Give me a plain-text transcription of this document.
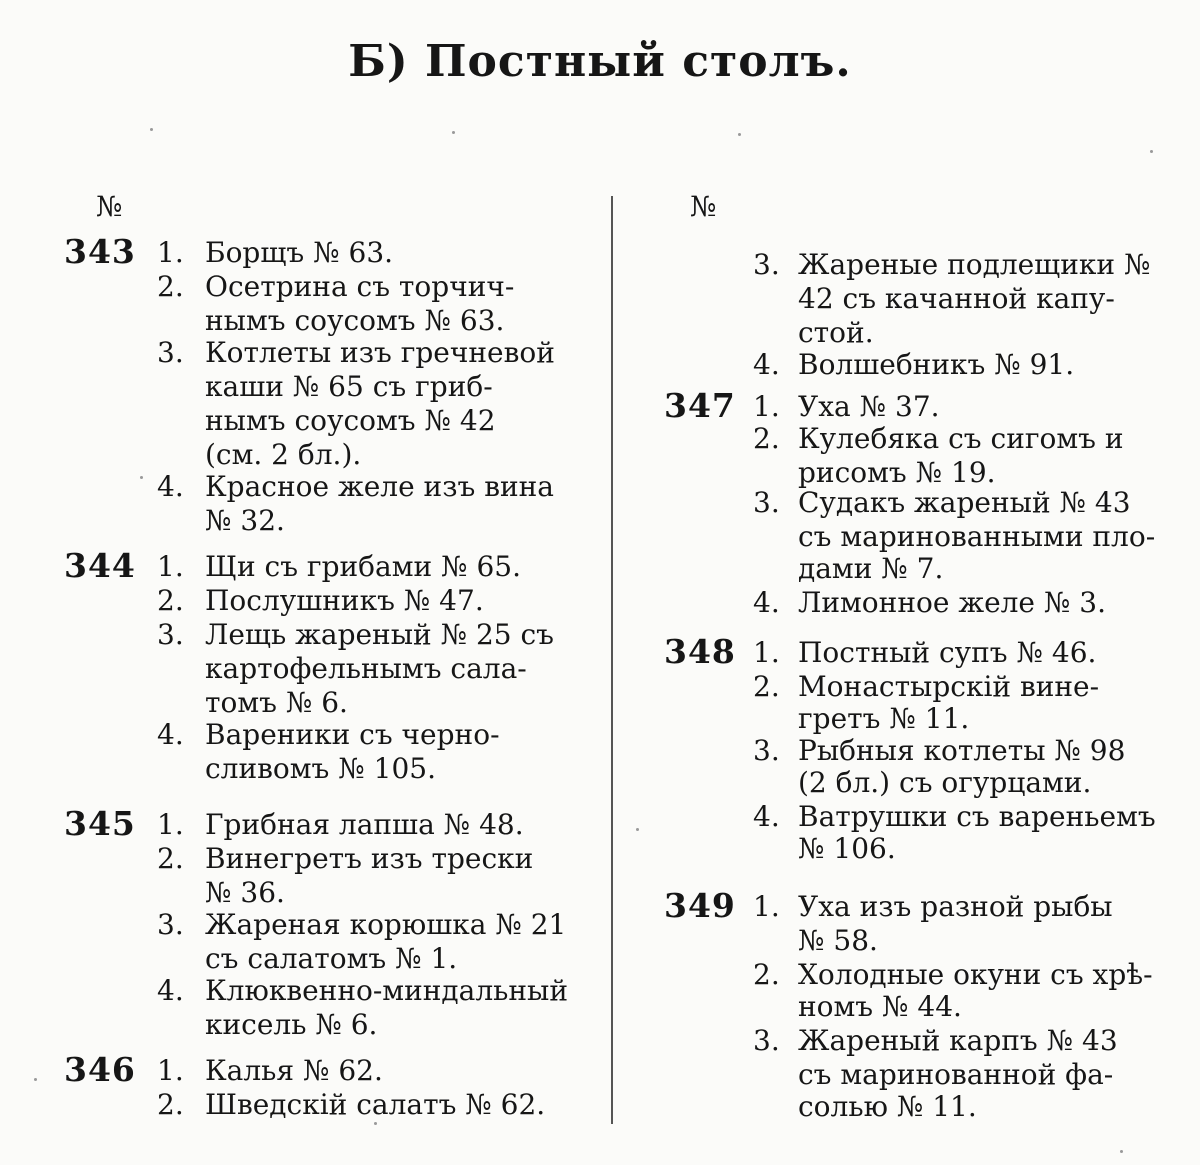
Б) Постный столъ.
№
343 1. Борщъ № 63.
2. Осетрина съ торчич-
нымъ соусомъ № 63.
3. Котлеты изъ гречневой
каши № 65 съ гриб-
нымъ соусомъ № 42
(см. 2 бл.).
4. Красное желе изъ вина
№ 32.
344 1. Щи съ грибами № 65.
2. Послушникъ № 47.
3. Лещь жареный № 25 съ
картофельнымъ сала-
томъ № 6.
4. Вареники съ черно-
сливомъ № 105.
345 1. Грибная лапша № 48.
2. Винегретъ изъ трески
№ 36.
3. Жареная корюшка № 21
съ салатомъ № 1.
4. Клюквенно-миндальный
кисель № 6.
346 1. Калья № 62.
2. Шведскій салатъ № 62.
№
3. Жареные подлещики №
42 съ качанной капу-
стой.
4. Волшебникъ № 91.
347 1. Уха № 37.
2. Кулебяка съ сигомъ и
рисомъ № 19.
3. Судакъ жареный № 43
съ маринованными пло-
дами № 7.
4. Лимонное желе № 3.
348 1. Постный супъ № 46.
2. Монастырскій вине-
гретъ № 11.
3. Рыбныя котлеты № 98
(2 бл.) съ огурцами.
4. Ватрушки съ вареньемъ
№ 106.
349 1. Уха изъ разной рыбы
№ 58.
2. Холодные окуни съ хрѣ-
номъ № 44.
3. Жареный карпъ № 43
съ маринованной фа-
солью № 11.
